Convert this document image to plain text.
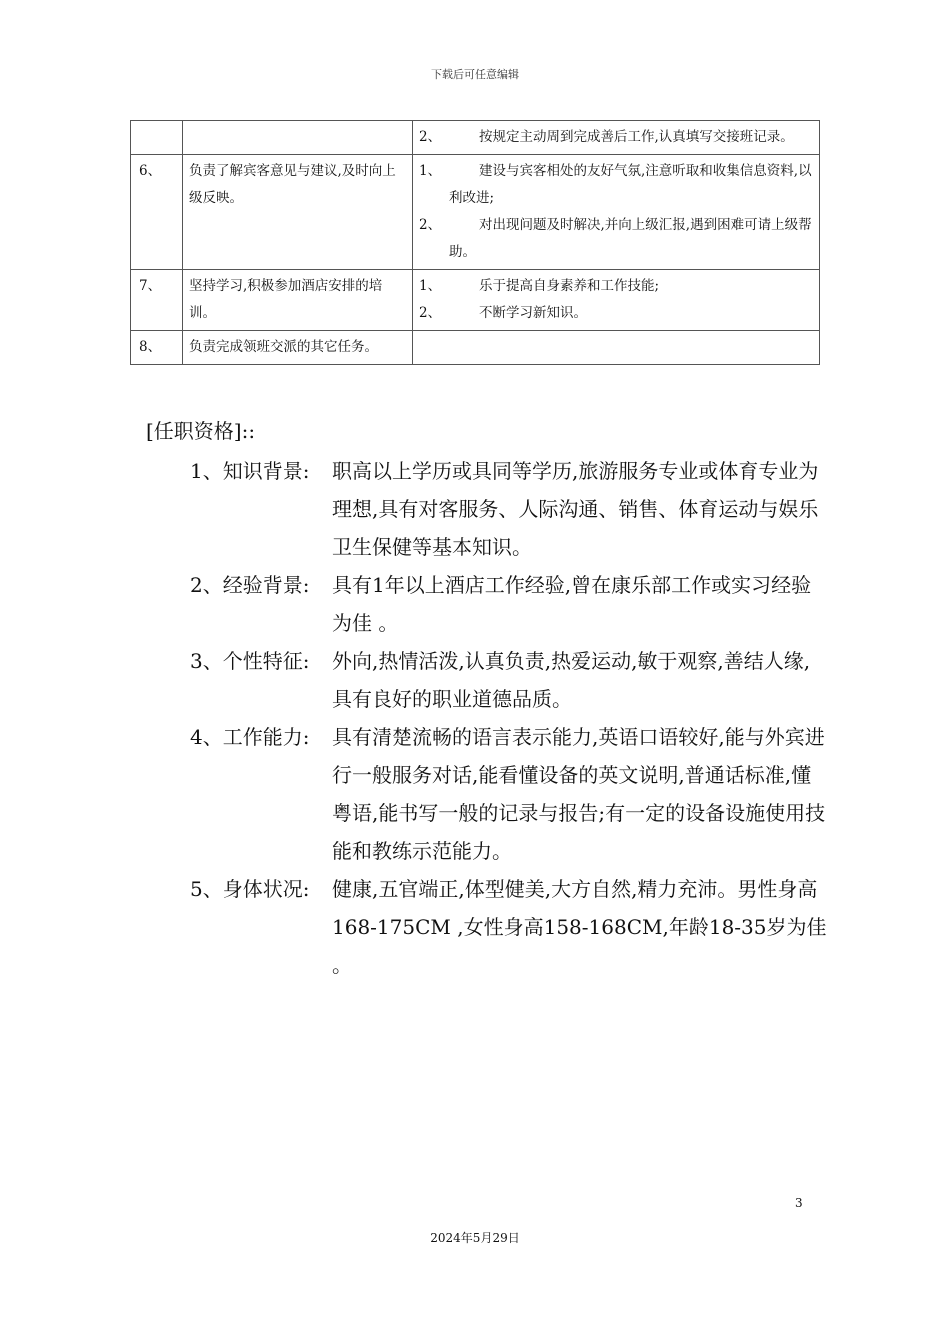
下载后可任意编辑

		2、 按规定主动周到完成善后工作,认真填写交接班记录。

6、	负责了解宾客意见与建议,及时向上级反映。	1、 建设与宾客相处的友好气氛,注意听取和收集信息资料,以利改进;
2、 对出现问题及时解决,并向上级汇报,遇到困难可请上级帮助。

7、	坚持学习,积极参加酒店安排的培训。	1、 乐于提高自身素养和工作技能;
2、 不断学习新知识。

8、	负责完成领班交派的其它任务。	
[任职资格]::
1、知识背景:	职高以上学历或具同等学历,旅游服务专业或体育专业为理想,具有对客服务、人际沟通、销售、体育运动与娱乐卫生保健等基本知识。
2、经验背景:	具有1年以上酒店工作经验,曾在康乐部工作或实习经验为佳 。
3、个性特征:	外向,热情活泼,认真负责,热爱运动,敏于观察,善结人缘,具有良好的职业道德品质。
4、工作能力:	具有清楚流畅的语言表示能力,英语口语较好,能与外宾进行一般服务对话,能看懂设备的英文说明,普通话标准,懂粤语,能书写一般的记录与报告;有一定的设备设施使用技能和教练示范能力。
5、身体状况:	健康,五官端正,体型健美,大方自然,精力充沛。男性身高168-175CM ,女性身高158-168CM,年龄18-35岁为佳 。
3
2024年5月29日
